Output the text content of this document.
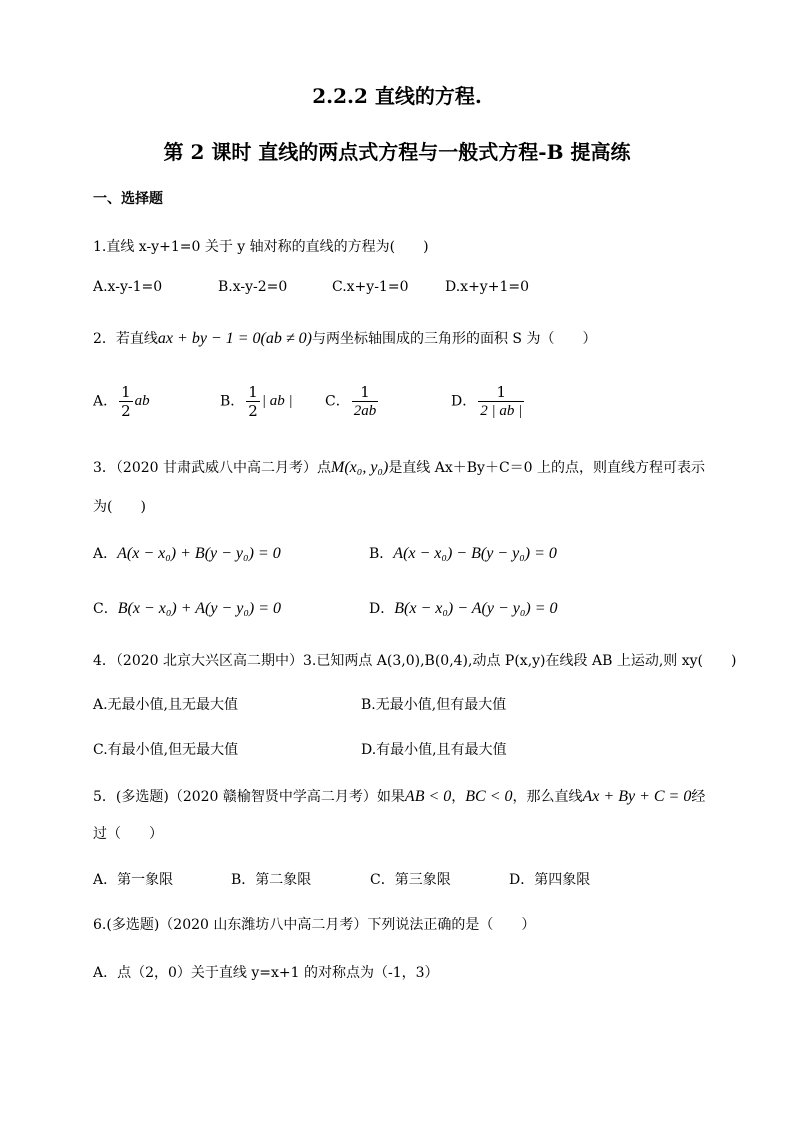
2.2.2 直线的方程.
第 2 课时 直线的两点式方程与一般式方程-B 提高练
一、选择题
1.直线 x-y+1=0 关于 y 轴对称的直线的方程为(　　)
A.x-y-1=0	B.x-y-2=0	C.x+y-1=0	D.x+y+1=0
2．若直线ax + by − 1 = 0(ab ≠ 0)与两坐标轴围成的三角形的面积 S 为（　　）
A． $\frac{1}{2}$ ab	B． $\frac{1}{2}$ | ab | C． $\frac{1}{2ab}$	D． $\frac{1}{2 | ab |}$
3．（2020 甘肃武威八中高二月考）点M(x₀, y₀)是直线 Ax＋By＋C＝0 上的点，则直线方程可表示
为(　　)
A．A(x − x₀) + B(y − y₀) = 0	B．A(x − x₀) − B(y − y₀) = 0
C．B(x − x₀) + A(y − y₀) = 0	D．B(x − x₀) − A(y − y₀) = 0
4．（2020 北京大兴区高二期中）3.已知两点 A(3,0),B(0,4),动点 P(x,y)在线段 AB 上运动,则 xy(　　)
A.无最小值,且无最大值	B.无最小值,但有最大值
C.有最小值,但无最大值	D.有最小值,且有最大值
5．(多选题)（2020 赣榆智贤中学高二月考）如果AB < 0，BC < 0，那么直线Ax + By + C = 0经
过（　　）
A．第一象限	B．第二象限	C．第三象限	D．第四象限
6.(多选题)（2020 山东潍坊八中高二月考）下列说法正确的是（　　）
A．点（2，0）关于直线 y=x+1 的对称点为（-1，3）
